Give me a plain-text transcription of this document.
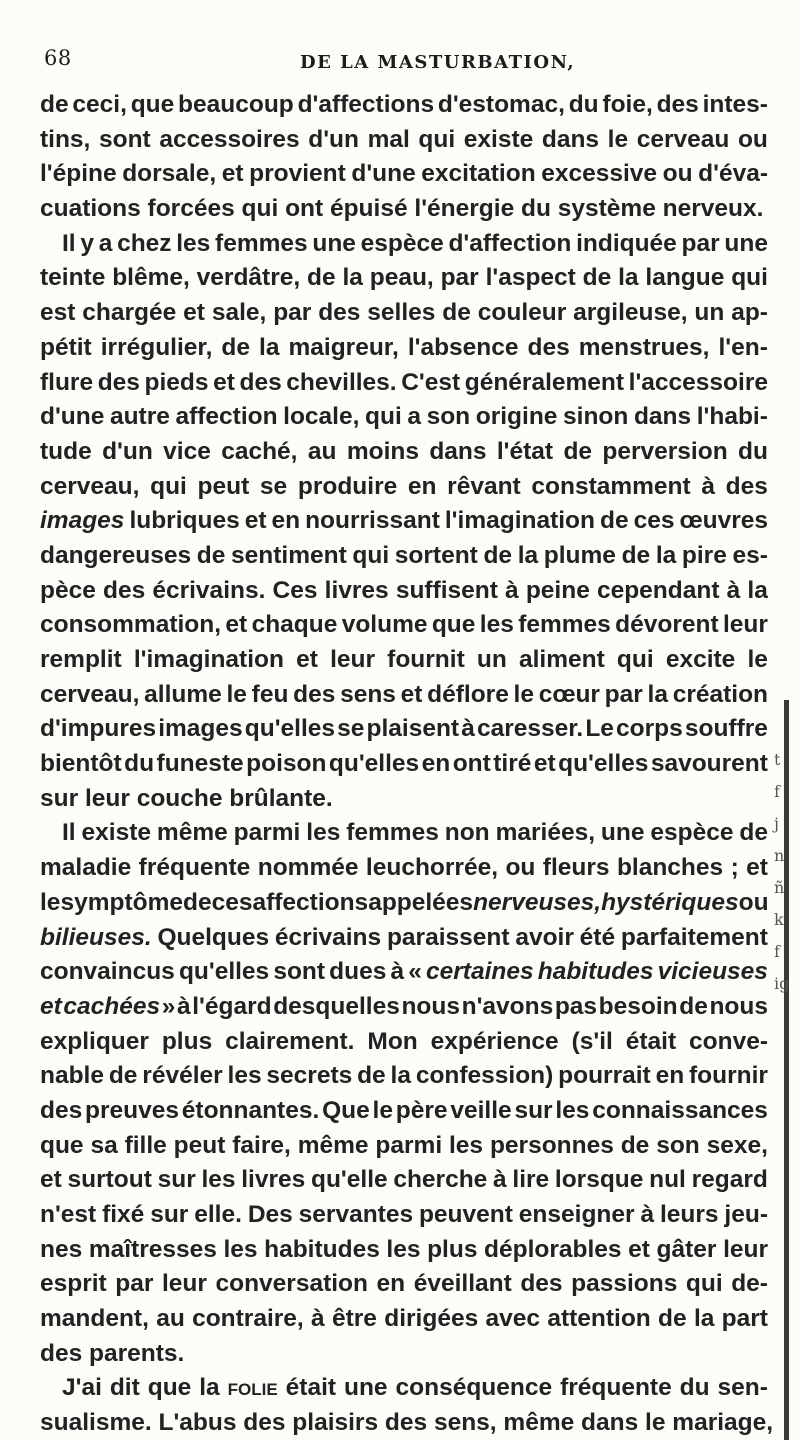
68	DE LA MASTURBATION,
de ceci, que beaucoup d'affections d'estomac, du foie, des intes-
tins, sont accessoires d'un mal qui existe dans le cerveau ou
l'épine dorsale, et provient d'une excitation excessive ou d'éva-
cuations forcées qui ont épuisé l'énergie du système nerveux.
Il y a chez les femmes une espèce d'affection indiquée par une
teinte blême, verdâtre, de la peau, par l'aspect de la langue qui
est chargée et sale, par des selles de couleur argileuse, un ap-
pétit irrégulier, de la maigreur, l'absence des menstrues, l'en-
flure des pieds et des chevilles. C'est généralement l'accessoire
d'une autre affection locale, qui a son origine sinon dans l'habi-
tude d'un vice caché, au moins dans l'état de perversion du
cerveau, qui peut se produire en rêvant constamment à des
images lubriques et en nourrissant l'imagination de ces œuvres
dangereuses de sentiment qui sortent de la plume de la pire es-
pèce des écrivains. Ces livres suffisent à peine cependant à la
consommation, et chaque volume que les femmes dévorent leur
remplit l'imagination et leur fournit un aliment qui excite le
cerveau, allume le feu des sens et déflore le cœur par la création
d'impures images qu'elles se plaisent à caresser. Le corps souffre
bientôt du funeste poison qu'elles en ont tiré et qu'elles savourent
sur leur couche brûlante.
Il existe même parmi les femmes non mariées, une espèce de
maladie fréquente nommée leuchorrée, ou fleurs blanches ; et
le symptôme de ces affections appelées nerveuses, hystériques ou
bilieuses. Quelques écrivains paraissent avoir été parfaitement
convaincus qu'elles sont dues à « certaines habitudes vicieuses
et cachées » à l'égard desquelles nous n'avons pas besoin de nous
expliquer plus clairement. Mon expérience (s'il était conve-
nable de révéler les secrets de la confession) pourrait en fournir
des preuves étonnantes. Que le père veille sur les connaissances
que sa fille peut faire, même parmi les personnes de son sexe,
et surtout sur les livres qu'elle cherche à lire lorsque nul regard
n'est fixé sur elle. Des servantes peuvent enseigner à leurs jeu-
nes maîtresses les habitudes les plus déplorables et gâter leur
esprit par leur conversation en éveillant des passions qui de-
mandent, au contraire, à être dirigées avec attention de la part
des parents.
J'ai dit que la folie était une conséquence fréquente du sen-
sualisme. L'abus des plaisirs des sens, même dans le mariage,
t
f
j
n
ñ
k
f
ig
